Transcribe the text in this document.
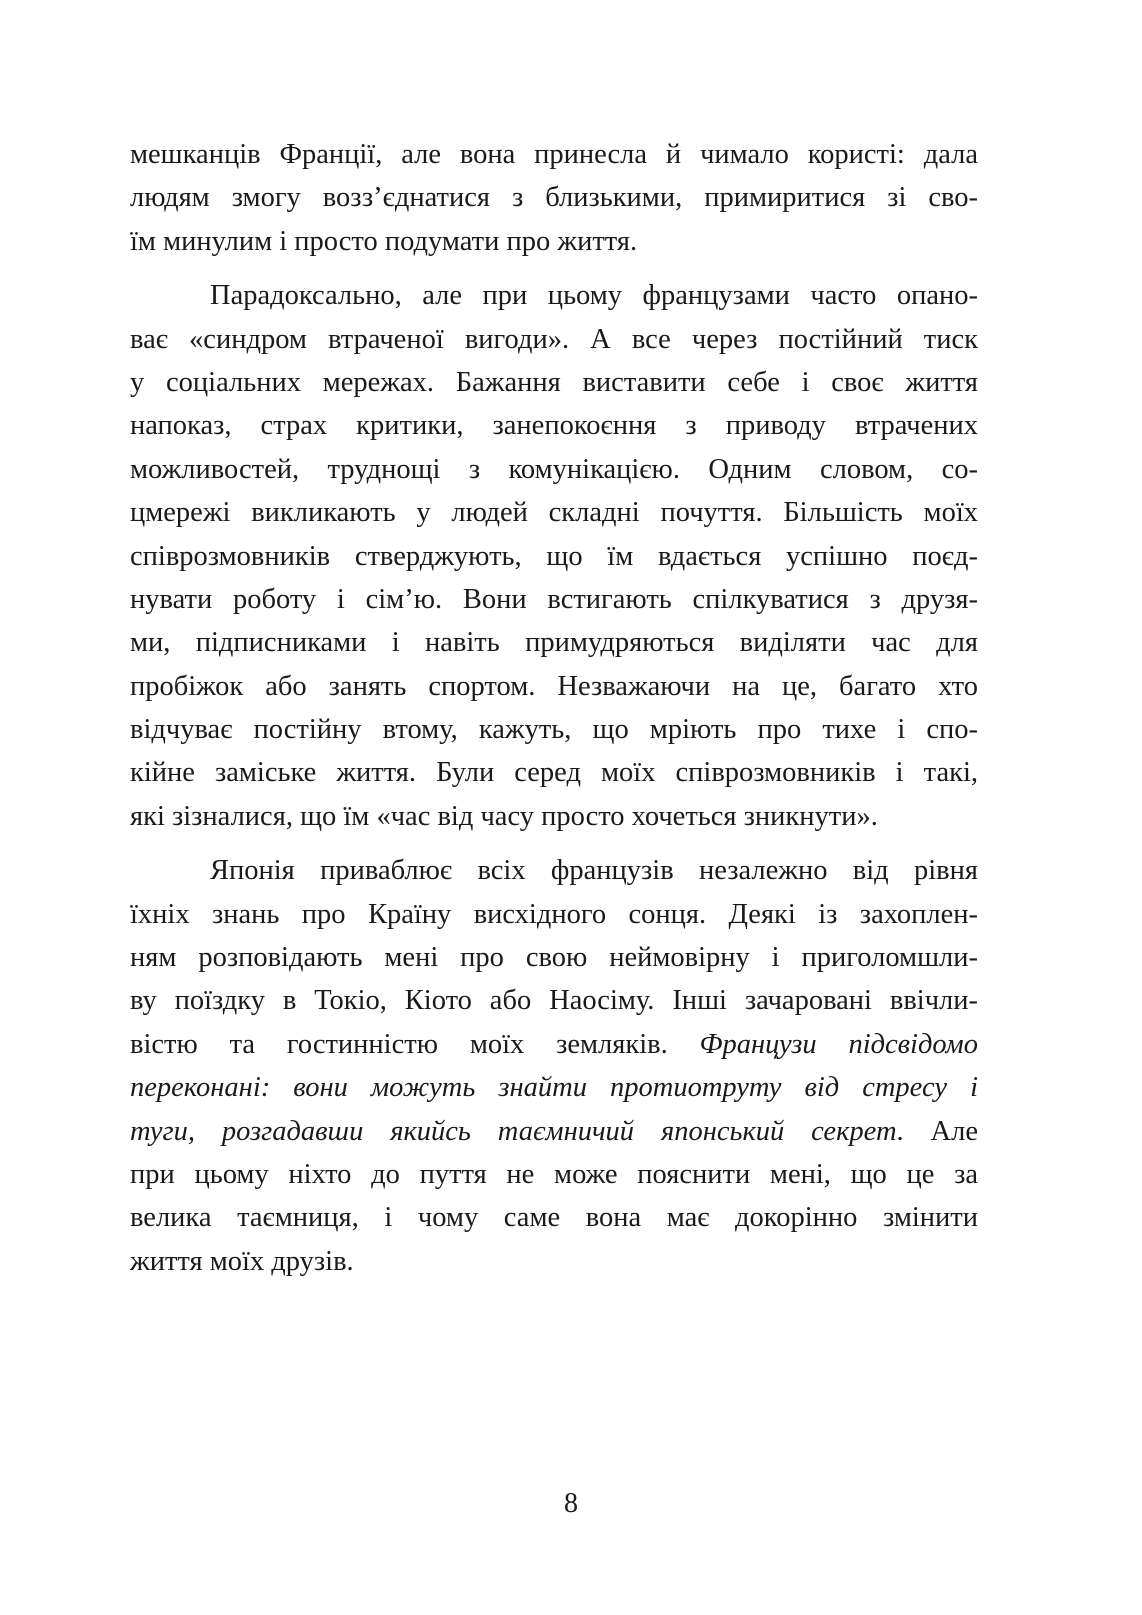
мешканців Франції, але вона принесла й чимало користі: дала
людям змогу возз’єднатися з близькими, примиритися зі сво-
їм минулим і просто подумати про життя.
Парадоксально, але при цьому французами часто опано-
ває «синдром втраченої вигоди». А все через постійний тиск
у соціальних мережах. Бажання виставити себе і своє життя
напоказ, страх критики, занепокоєння з приводу втрачених
можливостей, труднощі з комунікацією. Одним словом, со-
цмережі викликають у людей складні почуття. Більшість моїх
співрозмовників стверджують, що їм вдається успішно поєд-
нувати роботу і сім’ю. Вони встигають спілкуватися з друзя-
ми, підписниками і навіть примудряються виділяти час для
пробіжок або занять спортом. Незважаючи на це, багато хто
відчуває постійну втому, кажуть, що мріють про тихе і спо-
кійне заміське життя. Були серед моїх співрозмовників і такі,
які зізналися, що їм «час від часу просто хочеться зникнути».
Японія приваблює всіх французів незалежно від рівня
їхніх знань про Країну висхідного сонця. Деякі із захоплен-
ням розповідають мені про свою неймовірну і приголомшли-
ву поїздку в Токіо, Кіото або Наосіму. Інші зачаровані ввічли-
вістю та гостинністю моїх земляків. Французи підсвідомо
переконані: вони можуть знайти протиотруту від стресу і
туги, розгадавши якийсь таємничий японський секрет. Але
при цьому ніхто до пуття не може пояснити мені, що це за
велика таємниця, і чому саме вона має докорінно змінити
життя моїх друзів.
8
